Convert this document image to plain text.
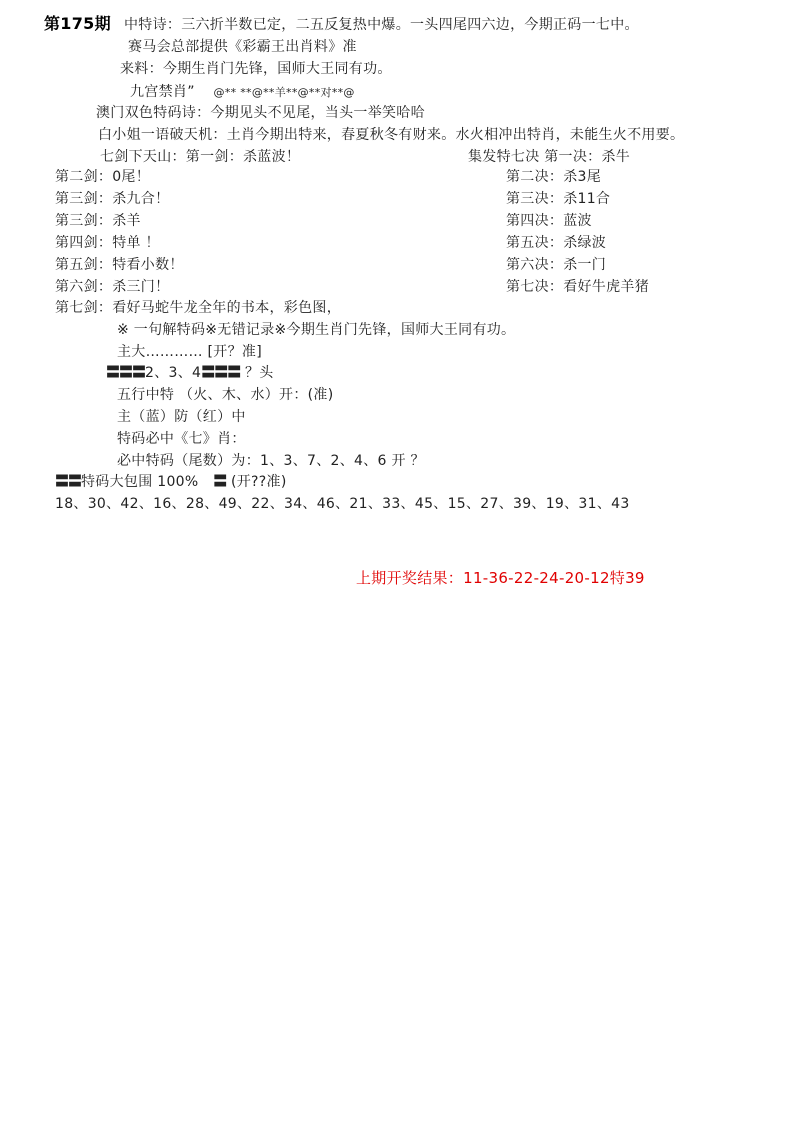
第175期 中特诗：三六折半数已定，二五反复热中爆。一头四尾四六边，今期正码一七中。
赛马会总部提供《彩霸王出肖料》准
来料：今期生肖门先锋，国师大王同有功。
九宫禁肖” @** **@**羊**@**对**@
澳门双色特码诗：今期见头不见尾，当头一举笑哈哈
白小姐一语破天机：土肖今期出特来，春夏秋冬有财来。水火相冲出特肖，未能生火不用要。
七剑下天山：第一剑：杀蓝波！
第二剑：0尾！
第三剑：杀九合！
第三剑：杀羊
第四剑：特单 ！
第五剑：特看小数！
第六剑：杀三门！
第七剑：看好马蛇牛龙全年的书本，彩色图，
集发特七决 第一决：杀牛
第二决：杀3尾
第三决：杀11合
第四决：蓝波
第五决：杀绿波
第六决：杀一门
第七决：看好牛虎羊猪
※ 一句解特码※无错记录※今期生肖门先锋，国师大王同有功。
主大………… [开？准]
〓〓〓2、3、4〓〓〓 ？头
五行中特 （火、木、水）开：(准)
主（蓝）防（红）中
特码必中《七》肖：
必中特码（尾数）为：1、3、7、2、4、6 开 ？
〓〓特码大包围 100% 〓 (开??准)
18、30、42、16、28、49、22、34、46、21、33、45、15、27、39、19、31、43
上期开奖结果：11-36-22-24-20-12特39
